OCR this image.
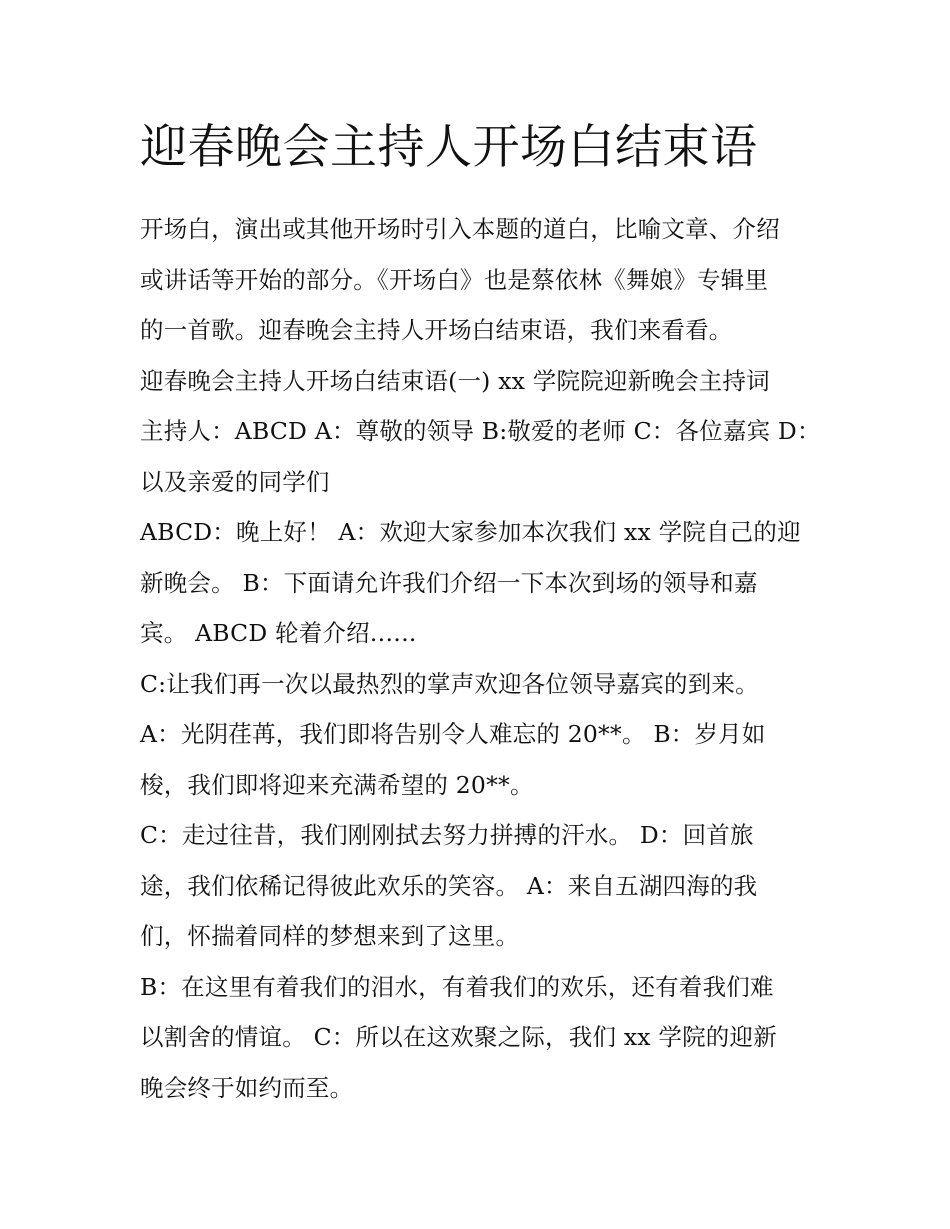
迎春晚会主持人开场白结束语

开场白，演出或其他开场时引入本题的道白，比喻文章、介绍
或讲话等开始的部分。《开场白》也是蔡依林《舞娘》专辑里
的一首歌。迎春晚会主持人开场白结束语，我们来看看。

迎春晚会主持人开场白结束语(一) xx 学院院迎新晚会主持词

主持人：ABCD A：尊敬的领导 B:敬爱的老师 C：各位嘉宾 D：
以及亲爱的同学们

ABCD：晚上好！ A：欢迎大家参加本次我们 xx 学院自己的迎
新晚会。 B：下面请允许我们介绍一下本次到场的领导和嘉
宾。 ABCD 轮着介绍.…..

C:让我们再一次以最热烈的掌声欢迎各位领导嘉宾的到来。

A：光阴荏苒，我们即将告别令人难忘的 20**。 B：岁月如
梭，我们即将迎来充满希望的 20**。

C：走过往昔，我们刚刚拭去努力拼搏的汗水。 D：回首旅
途，我们依稀记得彼此欢乐的笑容。 A：来自五湖四海的我
们，怀揣着同样的梦想来到了这里。

B：在这里有着我们的泪水，有着我们的欢乐，还有着我们难
以割舍的情谊。 C：所以在这欢聚之际，我们 xx 学院的迎新
晚会终于如约而至。
